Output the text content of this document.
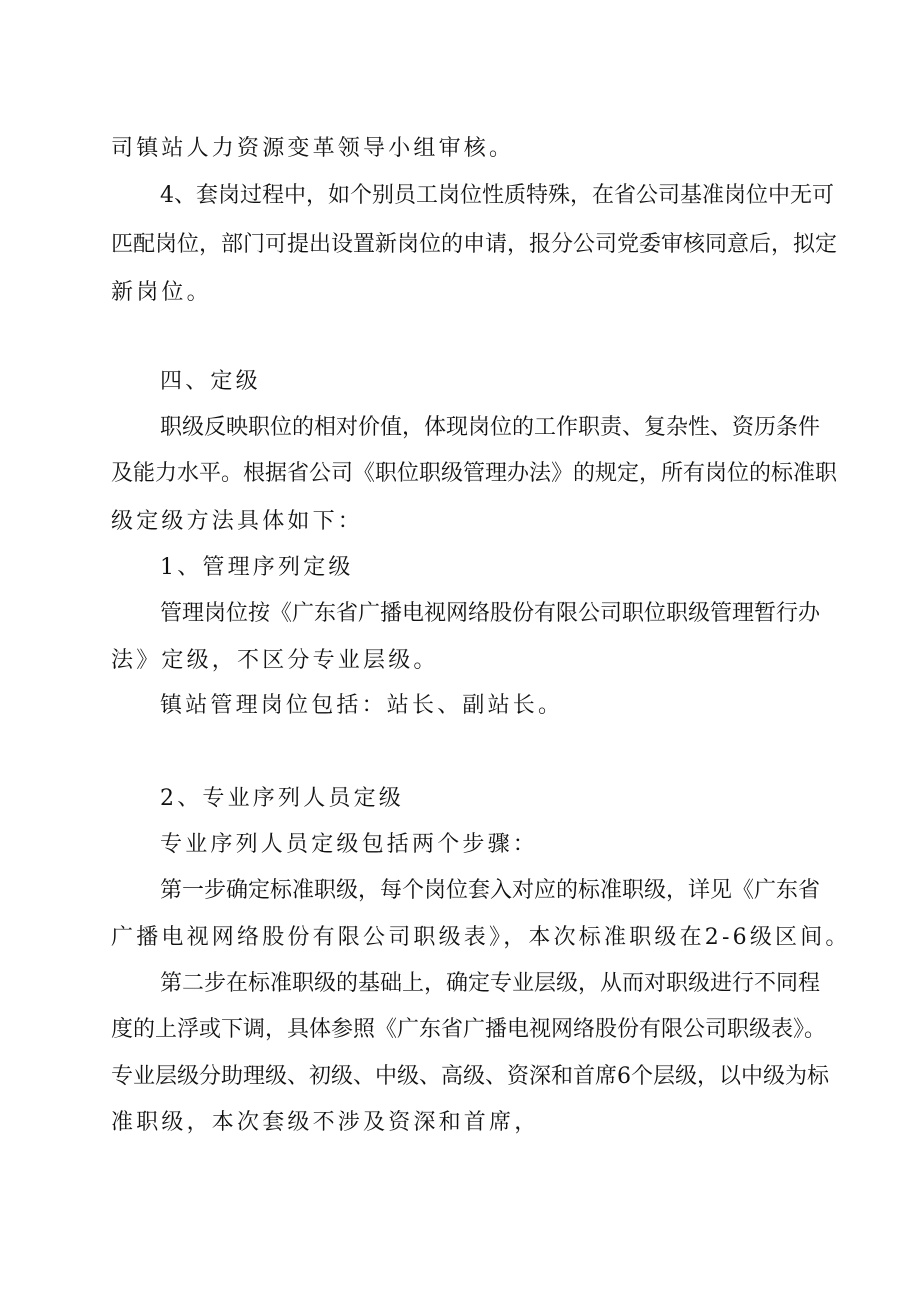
司镇站人力资源变革领导小组审核。
4、套岗过程中，如个别员工岗位性质特殊，在省公司基准岗位中无可
匹配岗位，部门可提出设置新岗位的申请，报分公司党委审核同意后，拟定
新岗位。
四、定级
职级反映职位的相对价值，体现岗位的工作职责、复杂性、资历条件
及能力水平。根据省公司《职位职级管理办法》的规定，所有岗位的标准职
级定级方法具体如下：
1、管理序列定级
管理岗位按《广东省广播电视网络股份有限公司职位职级管理暂行办
法》定级，不区分专业层级。
镇站管理岗位包括：站长、副站长。
2、专业序列人员定级
专业序列人员定级包括两个步骤：
第一步确定标准职级，每个岗位套入对应的标准职级，详见《广东省
广播电视网络股份有限公司职级表》，本次标准职级在2-6级区间。
第二步在标准职级的基础上，确定专业层级，从而对职级进行不同程
度的上浮或下调，具体参照《广东省广播电视网络股份有限公司职级表》。
专业层级分助理级、初级、中级、高级、资深和首席6个层级，以中级为标
准职级，本次套级不涉及资深和首席，
